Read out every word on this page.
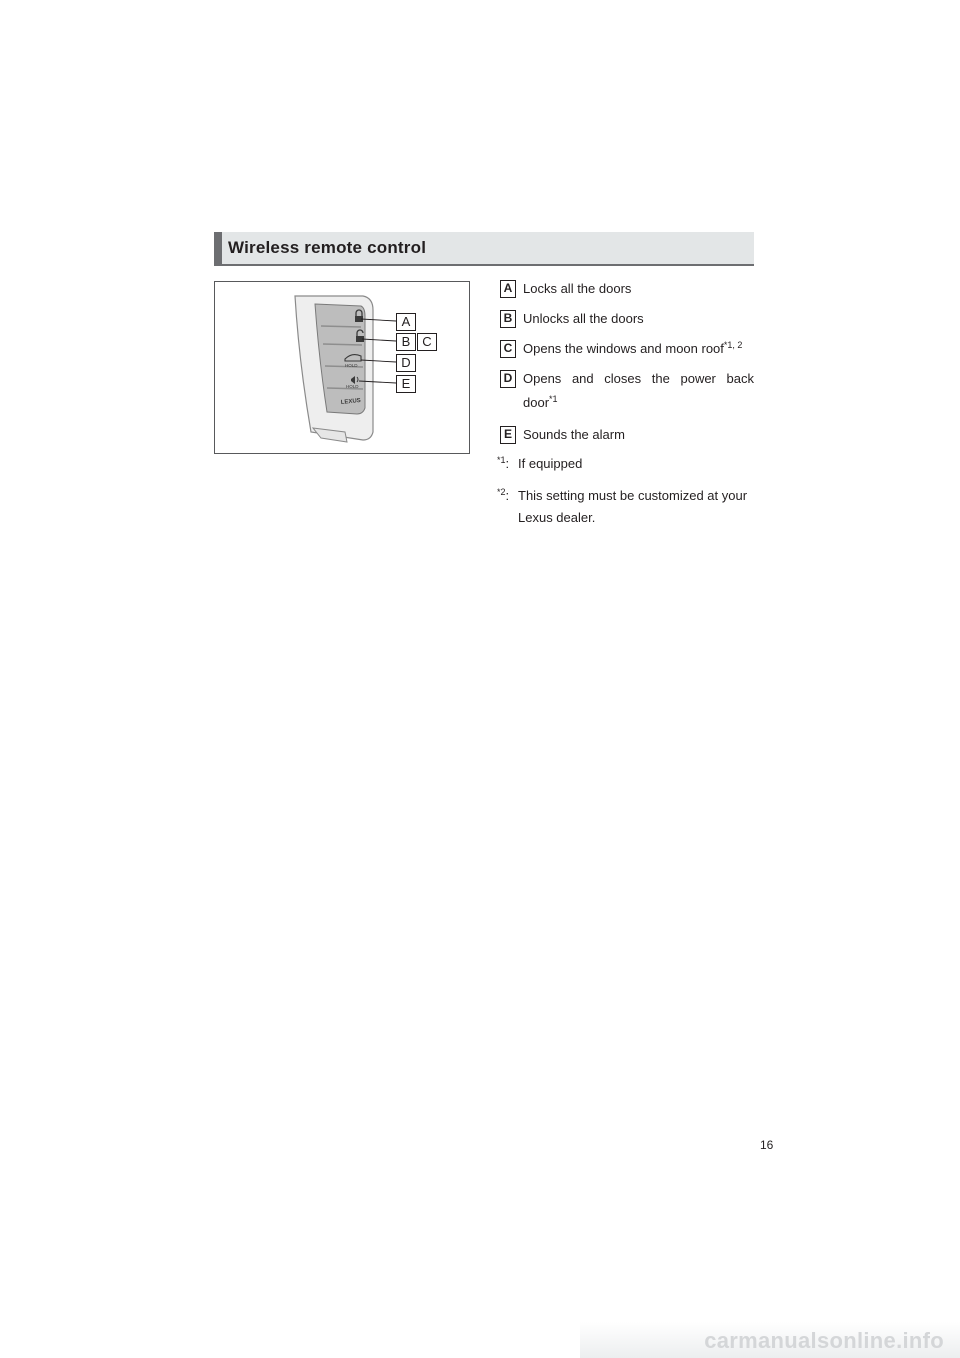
Wireless remote control
HOLD
HOLD
LEXUS
A
B C
D
E
A Locks all the doors
B Unlocks all the doors
C Opens the windows and moon roof$^{*1, 2}$
D Opens and closes the power back door$^{*1}$
E Sounds the alarm
$^{*1}$: If equipped
$^{*2}$: This setting must be customized at your Lexus dealer.
16
carmanualsonline.info
